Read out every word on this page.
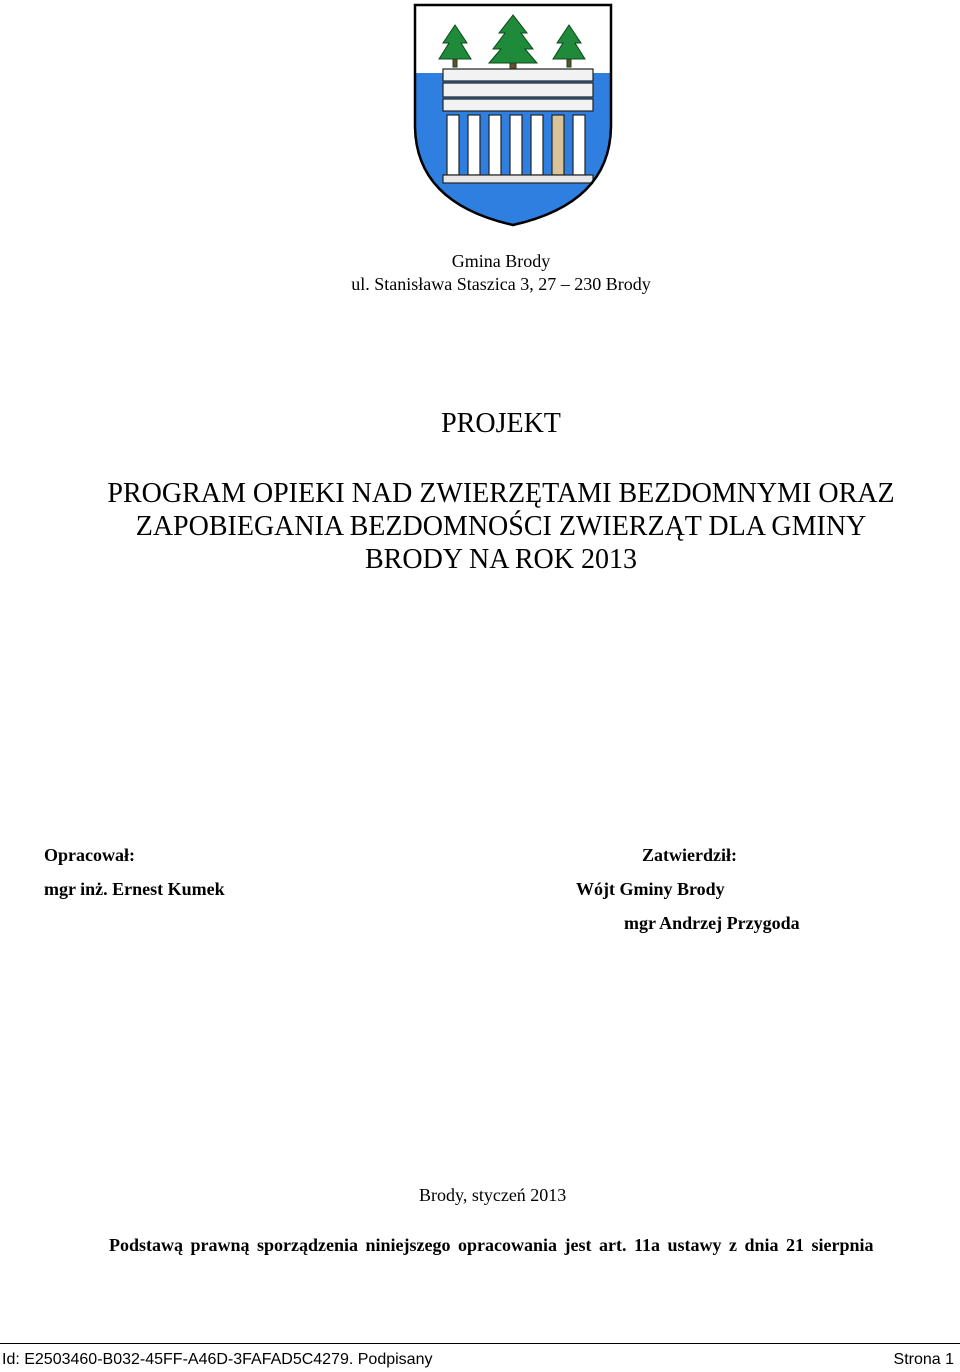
Gmina Brody
ul. Stanisława Staszica 3, 27 – 230 Brody
PROJEKT
PROGRAM OPIEKI NAD ZWIERZĘTAMI BEZDOMNYMI ORAZ
ZAPOBIEGANIA BEZDOMNOŚCI ZWIERZĄT DLA GMINY
BRODY NA ROK 2013
Opracował:
mgr inż. Ernest Kumek
Zatwierdził:
Wójt Gminy Brody
mgr Andrzej Przygoda
Brody, styczeń 2013
Podstawą prawną sporządzenia niniejszego opracowania jest art. 11a ustawy z dnia 21 sierpnia
Id: E2503460-B032-45FF-A46D-3FAFAD5C4279. Podpisany	Strona 1
